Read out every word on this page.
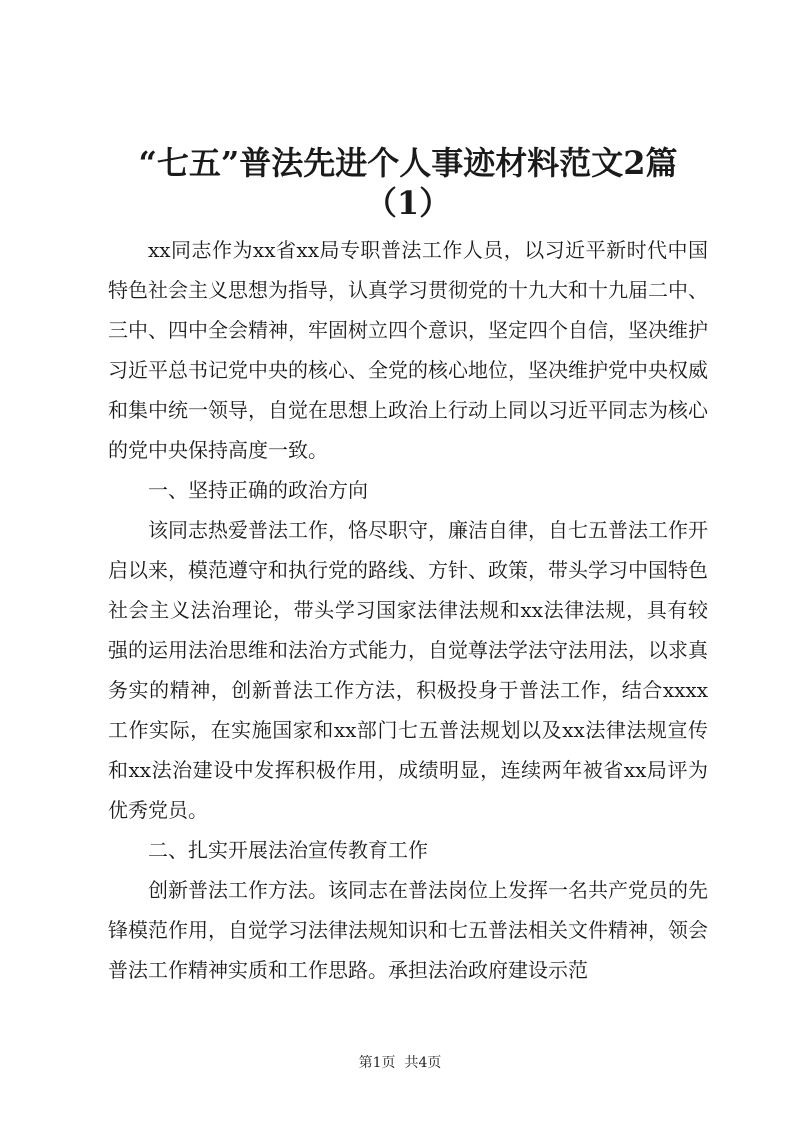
“七五”普法先进个人事迹材料范文2篇
（1）

xx同志作为xx省xx局专职普法工作人员，以习近平新时代中国特色社会主义思想为指导，认真学习贯彻党的十九大和十九届二中、三中、四中全会精神，牢固树立四个意识，坚定四个自信，坚决维护习近平总书记党中央的核心、全党的核心地位，坚决维护党中央权威和集中统一领导，自觉在思想上政治上行动上同以习近平同志为核心的党中央保持高度一致。

一、坚持正确的政治方向

该同志热爱普法工作，恪尽职守，廉洁自律，自七五普法工作开启以来，模范遵守和执行党的路线、方针、政策，带头学习中国特色社会主义法治理论，带头学习国家法律法规和xx法律法规，具有较强的运用法治思维和法治方式能力，自觉尊法学法守法用法，以求真务实的精神，创新普法工作方法，积极投身于普法工作，结合xxxx工作实际，在实施国家和xx部门七五普法规划以及xx法律法规宣传和xx法治建设中发挥积极作用，成绩明显，连续两年被省xx局评为优秀党员。

二、扎实开展法治宣传教育工作

创新普法工作方法。该同志在普法岗位上发挥一名共产党员的先锋模范作用，自觉学习法律法规知识和七五普法相关文件精神，领会普法工作精神实质和工作思路。承担法治政府建设示范

第1页  共4页
